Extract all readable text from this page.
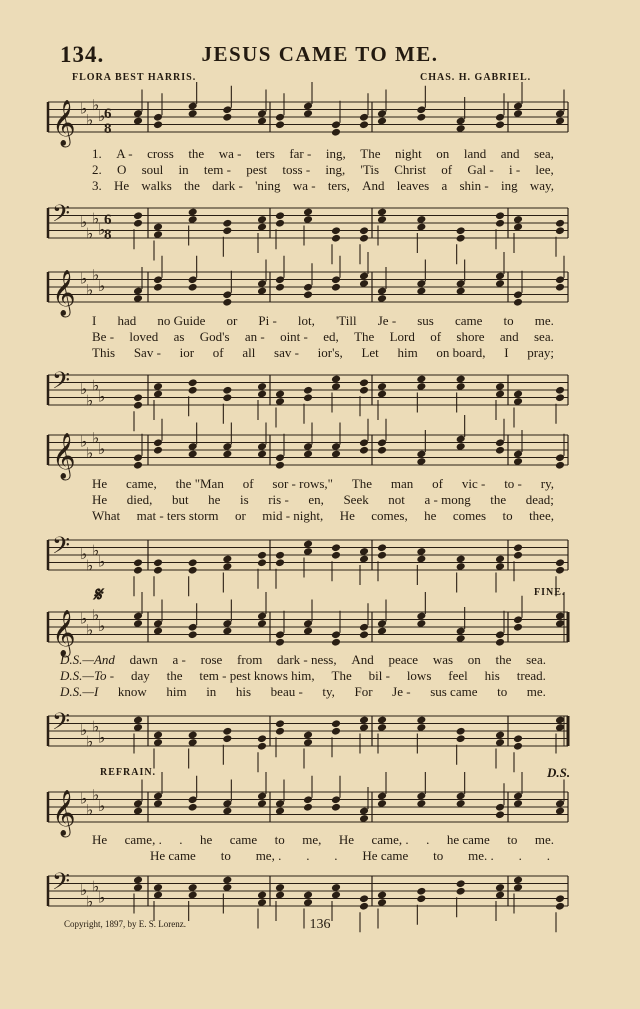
134.	JESUS CAME TO ME.
FLORA BEST HARRIS.	CHAS. H. GABRIEL.
𝄞 ♭
♭
♭
♭
6
8
1. A - cross the wa - ters far - ing, The night on land and sea,
2. O soul in tem - pest toss - ing, 'Tis Christ of Gal - i - lee,
3. He walks the dark - 'ning wa - ters, And leaves a shin - ing way,
𝄢 ♭
♭
♭
♭
6
8
𝄞 ♭
♭
♭
♭
I had no Guide or Pi - lot, 'Till Je - sus came to me.
Be - loved as God's an - oint - ed, The Lord of shore and sea.
This Sav - ior of all sav - ior's, Let him on board, I pray;
𝄢 ♭
♭
♭
♭
𝄞 ♭
♭
♭
♭
He came, the "Man of sor - rows," The man of vic - to - ry,
He died, but he is ris - en, Seek not a - mong the dead;
What mat - ters storm or mid - night, He comes, he comes to thee,
𝄢 ♭
♭
♭
♭
𝄋	FINE.
𝄞 ♭
♭
♭
♭
D.S.—And dawn a - rose from dark - ness, And peace was on the sea.
D.S.—To - day the tem - pest knows him, The bil - lows feel his tread.
D.S.—I know him in his beau - ty, For Je - sus came to me.
𝄢 ♭
♭
♭
♭
REFRAIN.	D.S.
𝄞 ♭
♭
♭
♭
He came, . . he came to me, He came, . . he came to me.
He came to me, . . . He came to me. . . .
𝄢 ♭
♭
♭
♭
Copyright, 1897, by E. S. Lorenz.	136
